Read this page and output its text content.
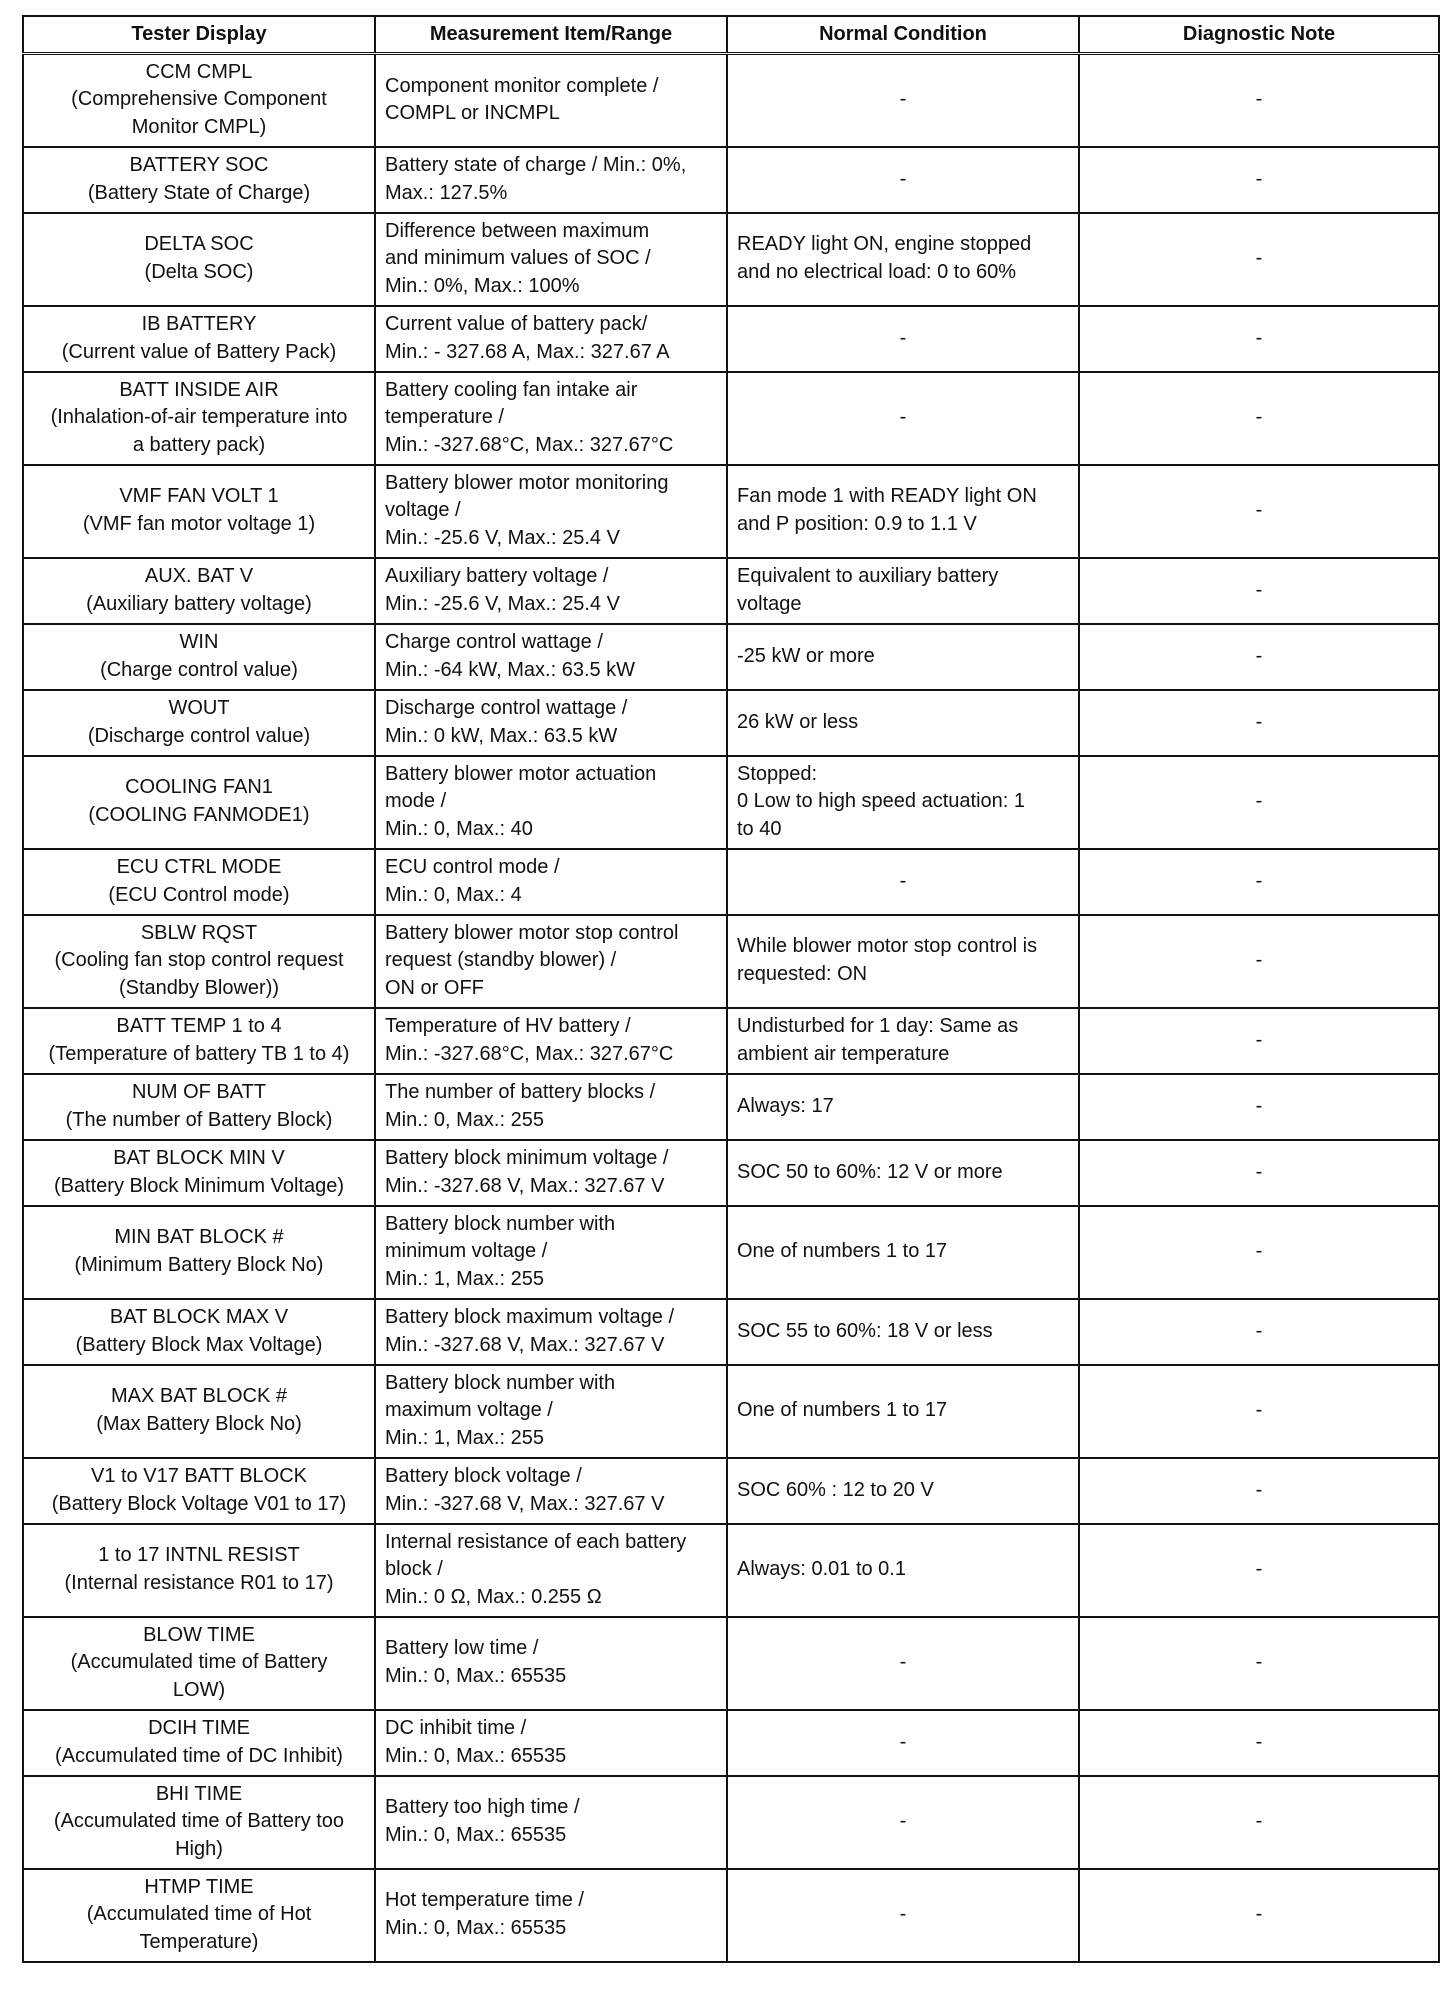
Tester Display	Measurement Item/Range	Normal Condition	Diagnostic Note

CCM CMPL
(Comprehensive Component
Monitor CMPL)	Component monitor complete /
COMPL or INCMPL	-	-

BATTERY SOC
(Battery State of Charge)	Battery state of charge / Min.: 0%,
Max.: 127.5%	-	-

DELTA SOC
(Delta SOC)	Difference between maximum
and minimum values of SOC /
Min.: 0%, Max.: 100%	READY light ON, engine stopped
and no electrical load: 0 to 60%	-

IB BATTERY
(Current value of Battery Pack)	Current value of battery pack/
Min.: - 327.68 A, Max.: 327.67 A	-	-

BATT INSIDE AIR
(Inhalation-of-air temperature into
a battery pack)	Battery cooling fan intake air
temperature /
Min.: -327.68°C, Max.: 327.67°C	-	-

VMF FAN VOLT 1
(VMF fan motor voltage 1)	Battery blower motor monitoring
voltage /
Min.: -25.6 V, Max.: 25.4 V	Fan mode 1 with READY light ON
and P position: 0.9 to 1.1 V	-

AUX. BAT V
(Auxiliary battery voltage)	Auxiliary battery voltage /
Min.: -25.6 V, Max.: 25.4 V	Equivalent to auxiliary battery
voltage	-

WIN
(Charge control value)	Charge control wattage /
Min.: -64 kW, Max.: 63.5 kW	-25 kW or more	-

WOUT
(Discharge control value)	Discharge control wattage /
Min.: 0 kW, Max.: 63.5 kW	26 kW or less	-

COOLING FAN1
(COOLING FANMODE1)	Battery blower motor actuation
mode /
Min.: 0, Max.: 40	Stopped:
0 Low to high speed actuation: 1
to 40	-

ECU CTRL MODE
(ECU Control mode)	ECU control mode /
Min.: 0, Max.: 4	-	-

SBLW RQST
(Cooling fan stop control request
(Standby Blower))	Battery blower motor stop control
request (standby blower) /
ON or OFF	While blower motor stop control is
requested: ON	-

BATT TEMP 1 to 4
(Temperature of battery TB 1 to 4)	Temperature of HV battery /
Min.: -327.68°C, Max.: 327.67°C	Undisturbed for 1 day: Same as
ambient air temperature	-

NUM OF BATT
(The number of Battery Block)	The number of battery blocks /
Min.: 0, Max.: 255	Always: 17	-

BAT BLOCK MIN V
(Battery Block Minimum Voltage)	Battery block minimum voltage /
Min.: -327.68 V, Max.: 327.67 V	SOC 50 to 60%: 12 V or more	-

MIN BAT BLOCK #
(Minimum Battery Block No)	Battery block number with
minimum voltage /
Min.: 1, Max.: 255	One of numbers 1 to 17	-

BAT BLOCK MAX V
(Battery Block Max Voltage)	Battery block maximum voltage /
Min.: -327.68 V, Max.: 327.67 V	SOC 55 to 60%: 18 V or less	-

MAX BAT BLOCK #
(Max Battery Block No)	Battery block number with
maximum voltage /
Min.: 1, Max.: 255	One of numbers 1 to 17	-

V1 to V17 BATT BLOCK
(Battery Block Voltage V01 to 17)	Battery block voltage /
Min.: -327.68 V, Max.: 327.67 V	SOC 60% : 12 to 20 V	-

1 to 17 INTNL RESIST
(Internal resistance R01 to 17)	Internal resistance of each battery
block /
Min.: 0 Ω, Max.: 0.255 Ω	Always: 0.01 to 0.1	-

BLOW TIME
(Accumulated time of Battery
LOW)	Battery low time /
Min.: 0, Max.: 65535	-	-

DCIH TIME
(Accumulated time of DC Inhibit)	DC inhibit time /
Min.: 0, Max.: 65535	-	-

BHI TIME
(Accumulated time of Battery too
High)	Battery too high time /
Min.: 0, Max.: 65535	-	-

HTMP TIME
(Accumulated time of Hot
Temperature)	Hot temperature time /
Min.: 0, Max.: 65535	-	-
